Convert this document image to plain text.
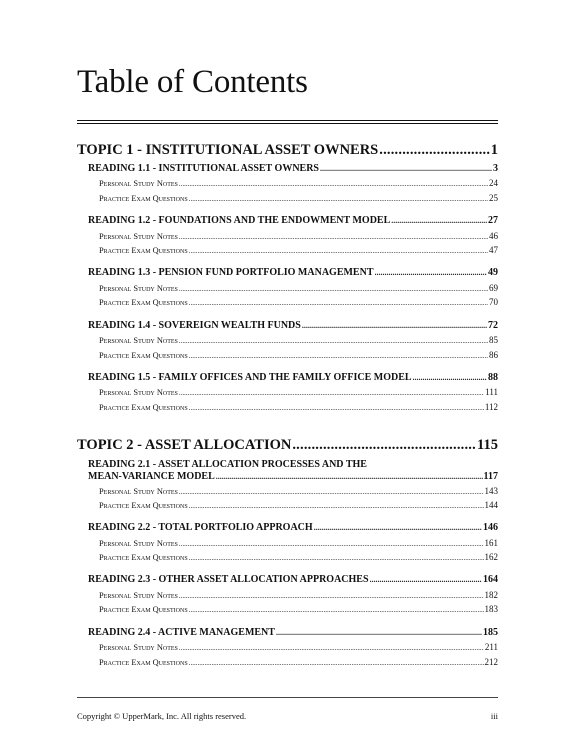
Table of Contents
TOPIC 1 - INSTITUTIONAL ASSET OWNERS .....	1
READING 1.1 - INSTITUTIONAL ASSET OWNERS .....	3
Personal Study Notes .....	24
Practice Exam Questions .....	25
READING 1.2 - FOUNDATIONS AND THE ENDOWMENT MODEL .....	27
Personal Study Notes .....	46
Practice Exam Questions .....	47
READING 1.3 - PENSION FUND PORTFOLIO MANAGEMENT .....	49
Personal Study Notes .....	69
Practice Exam Questions .....	70
READING 1.4 - SOVEREIGN WEALTH FUNDS .....	72
Personal Study Notes .....	85
Practice Exam Questions .....	86
READING 1.5 - FAMILY OFFICES AND THE FAMILY OFFICE MODEL .....	88
Personal Study Notes .....	111
Practice Exam Questions .....	112
TOPIC 2 - ASSET ALLOCATION .....	115
READING 2.1 - ASSET ALLOCATION PROCESSES AND THE
MEAN-VARIANCE MODEL .....	117
Personal Study Notes .....	143
Practice Exam Questions .....	144
READING 2.2 - TOTAL PORTFOLIO APPROACH .....	146
Personal Study Notes .....	161
Practice Exam Questions .....	162
READING 2.3 - OTHER ASSET ALLOCATION APPROACHES .....	164
Personal Study Notes .....	182
Practice Exam Questions .....	183
READING 2.4 - ACTIVE MANAGEMENT .....	185
Personal Study Notes .....	211
Practice Exam Questions .....	212
Copyright © UpperMark, Inc. All rights reserved.	iii
